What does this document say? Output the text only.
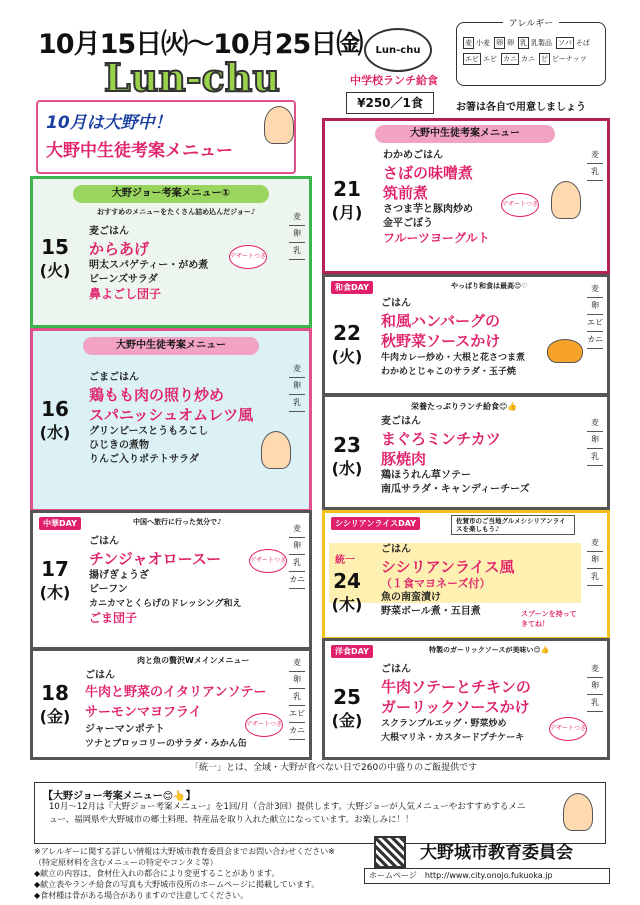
10月15日㈫〜10月25日㈮
Lun-chu
Lun-chu
中学校ランチ給食
¥250／1食	お箸は各自で用意しましょう
アレルギー
麦 小麦 卵 卵 乳 乳製品 ソバ そば
エビ エビ カニ カニ ピ ピーナッツ
10月は大野中！
大野中生徒考案メニュー
大野ジョー考案メニュー①
おすすめのメニューをたくさん詰め込んだジョー♪
15
(火)
麦ごはん
からあげ
明太スパゲティー・がめ煮
ビーンズサラダ
鼻よごし団子
デザートつき
麦
卵
乳
大野中生徒考案メニュー
16
(水)
ごまごはん
鶏もも肉の照り炒め
スパニッシュオムレツ風
グリンピースとうもろこし
ひじきの煮物
りんご入りポテトサラダ
麦
卵
乳
中華DAY	中国へ旅行に行った気分で♪
17
(木)
ごはん
チンジャオロースー
揚げぎょうざ
ビーフン
カニカマとくらげのドレッシング和え
ごま団子
デザートつき
麦
卵
乳
カニ
肉と魚の贅沢Wメインメニュー
18
(金)
ごはん
牛肉と野菜のイタリアンソテー
サーモンマヨフライ
ジャーマンポテト
ツナとブロッコリーのサラダ・みかん缶
デザートつき
麦
卵
乳
エビ
カニ
大野中生徒考案メニュー
21
(月)
わかめごはん
さばの味噌煮
筑前煮
さつま芋と豚肉炒め
金平ごぼう
フルーツヨーグルト
デザートつき
麦
乳
和食DAY	やっぱり和食は最高😊♡
22
(火)
ごはん
和風ハンバーグの
秋野菜ソースかけ
牛肉カレー炒め・大根と花さつま煮
わかめとじゃこのサラダ・玉子焼
麦
卵
エビ
カニ
栄養たっぷりランチ給食😊👍
23
(水)
麦ごはん
まぐろミンチカツ
豚焼肉
鶏ほうれん草ソテー
南瓜サラダ・キャンディーチーズ
麦
卵
乳
シシリアンライスDAY	佐賀市のご当地グルメシシリアンライスを楽しもう♪
統一
24
(木)
ごはん
シシリアンライス風
（１食マヨネーズ付）
魚の南蛮漬け
野菜ボール煮・五目煮	スプーンを持ってきてね！
麦
卵
乳
洋食DAY	特製のガーリックソースが美味い😊👍
25
(金)
ごはん
牛肉ソテーとチキンの
ガーリックソースかけ
スクランブルエッグ・野菜炒め
大根マリネ・カスタードプチケーキ
デザートつき
麦
卵
乳
「統一」とは、全域・大野が食べない日で260の中盛りのご飯提供です
【大野ジョー考案メニュー😊👆】
10月～12月は『大野ジョー考案メニュー』を1回/月（合計3回）提供します。大野ジョーが人気メニューやおすすめするメニュー、福岡県や大野城市の郷土料理、特産品を取り入れた献立になっています。お楽しみに！！
※アレルギーに関する詳しい情報は大野城市教育委員会までお問い合わせください※
（特定原材料を含むメニューの特定やコンタミ等）
◆献立の内容は、食材仕入れの都合により変更することがあります。
◆献立表やランチ給食の写真も大野城市役所のホームページに掲載しています。
◆食材種は骨がある場合がありますので注意してください。
大野城市教育委員会
ホームページ　http://www.city.onojo.fukuoka.jp
